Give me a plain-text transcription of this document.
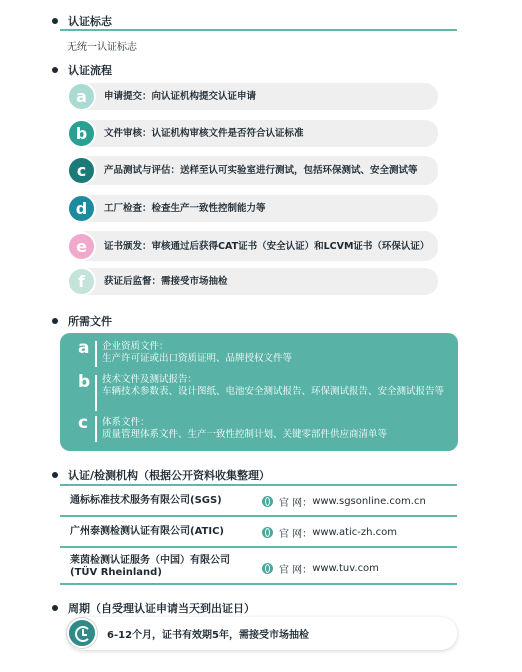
认证标志
无统一认证标志
认证流程
申请提交：向认证机构提交认证申请
a
文件审核：认证机构审核文件是否符合认证标准
b
产品测试与评估：送样至认可实验室进行测试，包括环保测试、安全测试等
c
工厂检查：检查生产一致性控制能力等
d
证书颁发：审核通过后获得CAT证书（安全认证）和LCVM证书（环保认证）
e
获证后监督：需接受市场抽检
f
所需文件
a 企业资质文件：
生产许可证或出口资质证明、品牌授权文件等
b 技术文件及测试报告：
车辆技术参数表、设计图纸、电池安全测试报告、环保测试报告、安全测试报告等
c 体系文件：
质量管理体系文件、生产一致性控制计划、关键零部件供应商清单等
认证/检测机构（根据公开资料收集整理）
通标标准技术服务有限公司(SGS)	官 网： www.sgsonline.com.cn
广州泰测检测认证有限公司(ATIC)	官 网： www.atic-zh.com
莱茵检测认证服务（中国）有限公司
(TÜV Rheinland)	官 网： www.tuv.com
周期（自受理认证申请当天到出证日）
6-12个月，证书有效期5年，需接受市场抽检
